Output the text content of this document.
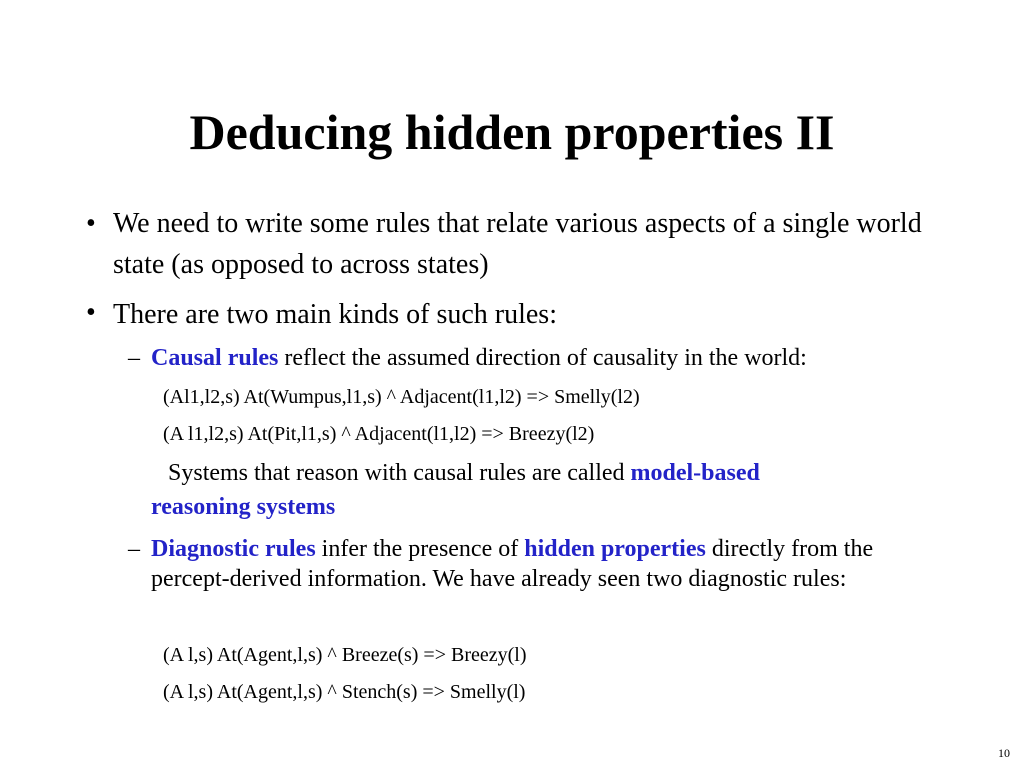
Deducing hidden properties II
• We need to write some rules that relate various aspects of a single world state (as opposed to across states)
• There are two main kinds of such rules:
– Causal rules reflect the assumed direction of causality in the world:
(Al1,l2,s) At(Wumpus,l1,s) ^ Adjacent(l1,l2) => Smelly(l2)
(A l1,l2,s) At(Pit,l1,s) ^ Adjacent(l1,l2) => Breezy(l2)
Systems that reason with causal rules are called model-based
reasoning systems
– Diagnostic rules infer the presence of hidden properties directly from the percept-derived information. We have already seen two diagnostic rules:
(A l,s) At(Agent,l,s) ^ Breeze(s) => Breezy(l)
(A l,s) At(Agent,l,s) ^ Stench(s) => Smelly(l)
10
